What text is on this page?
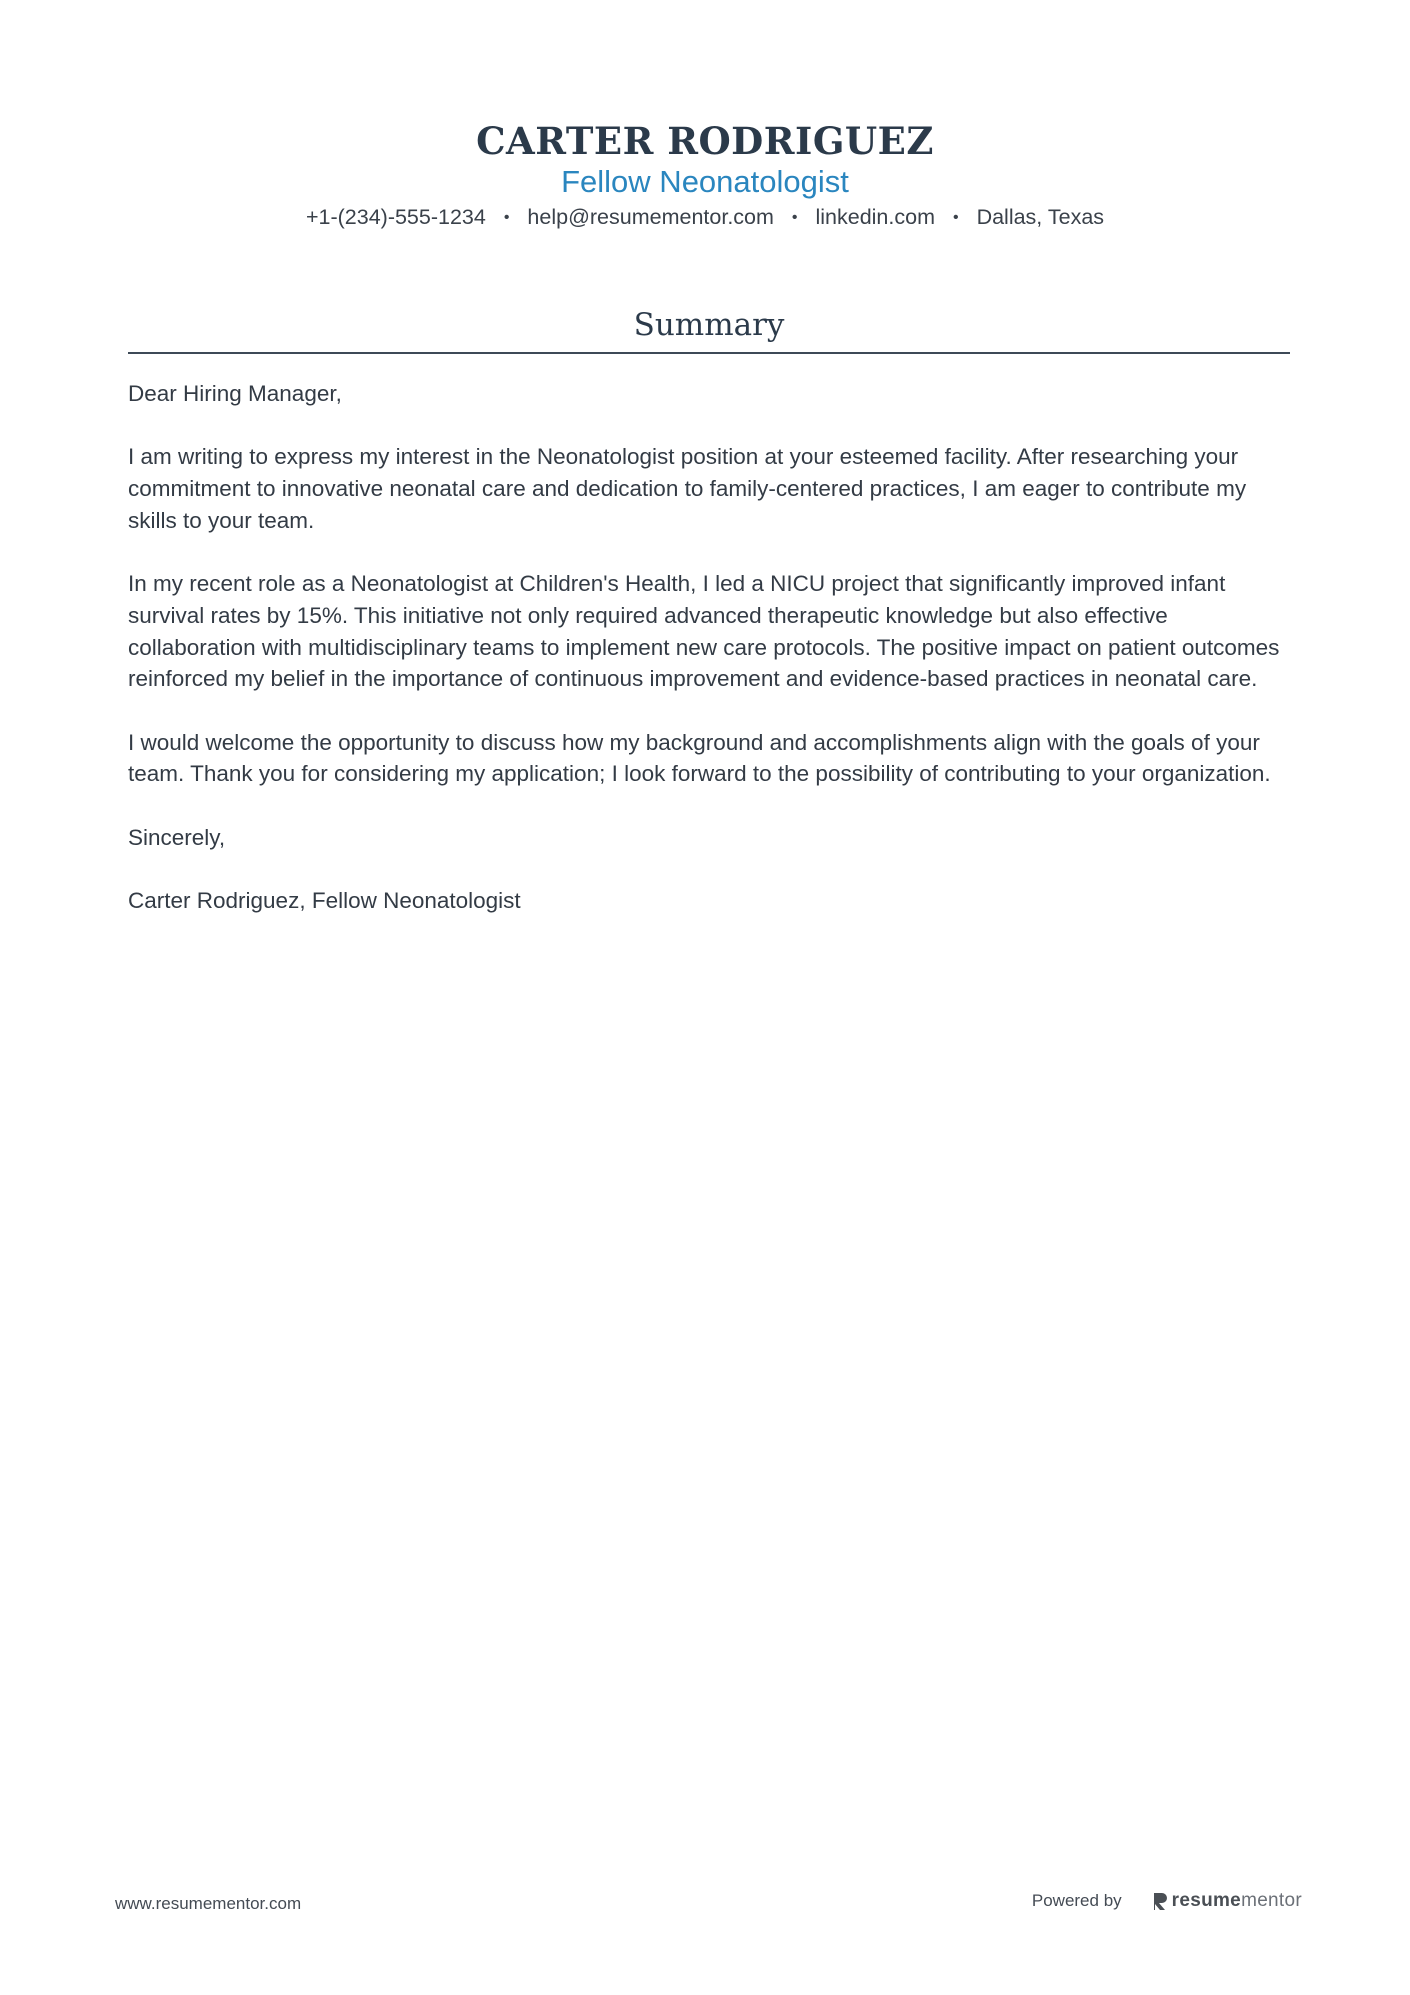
CARTER RODRIGUEZ
Fellow Neonatologist
+1-(234)-555-1234 • help@resumementor.com • linkedin.com • Dallas, Texas
Summary

Dear Hiring Manager,

I am writing to express my interest in the Neonatologist position at your esteemed facility. After researching your commitment to innovative neonatal care and dedication to family-centered practices, I am eager to contribute my skills to your team.

In my recent role as a Neonatologist at Children's Health, I led a NICU project that significantly improved infant survival rates by 15%. This initiative not only required advanced therapeutic knowledge but also effective collaboration with multidisciplinary teams to implement new care protocols. The positive impact on patient outcomes reinforced my belief in the importance of continuous improvement and evidence-based practices in neonatal care.

I would welcome the opportunity to discuss how my background and accomplishments align with the goals of your team. Thank you for considering my application; I look forward to the possibility of contributing to your organization.

Sincerely,

Carter Rodriguez, Fellow Neonatologist

www.resumementor.com	Powered by	resume mentor
